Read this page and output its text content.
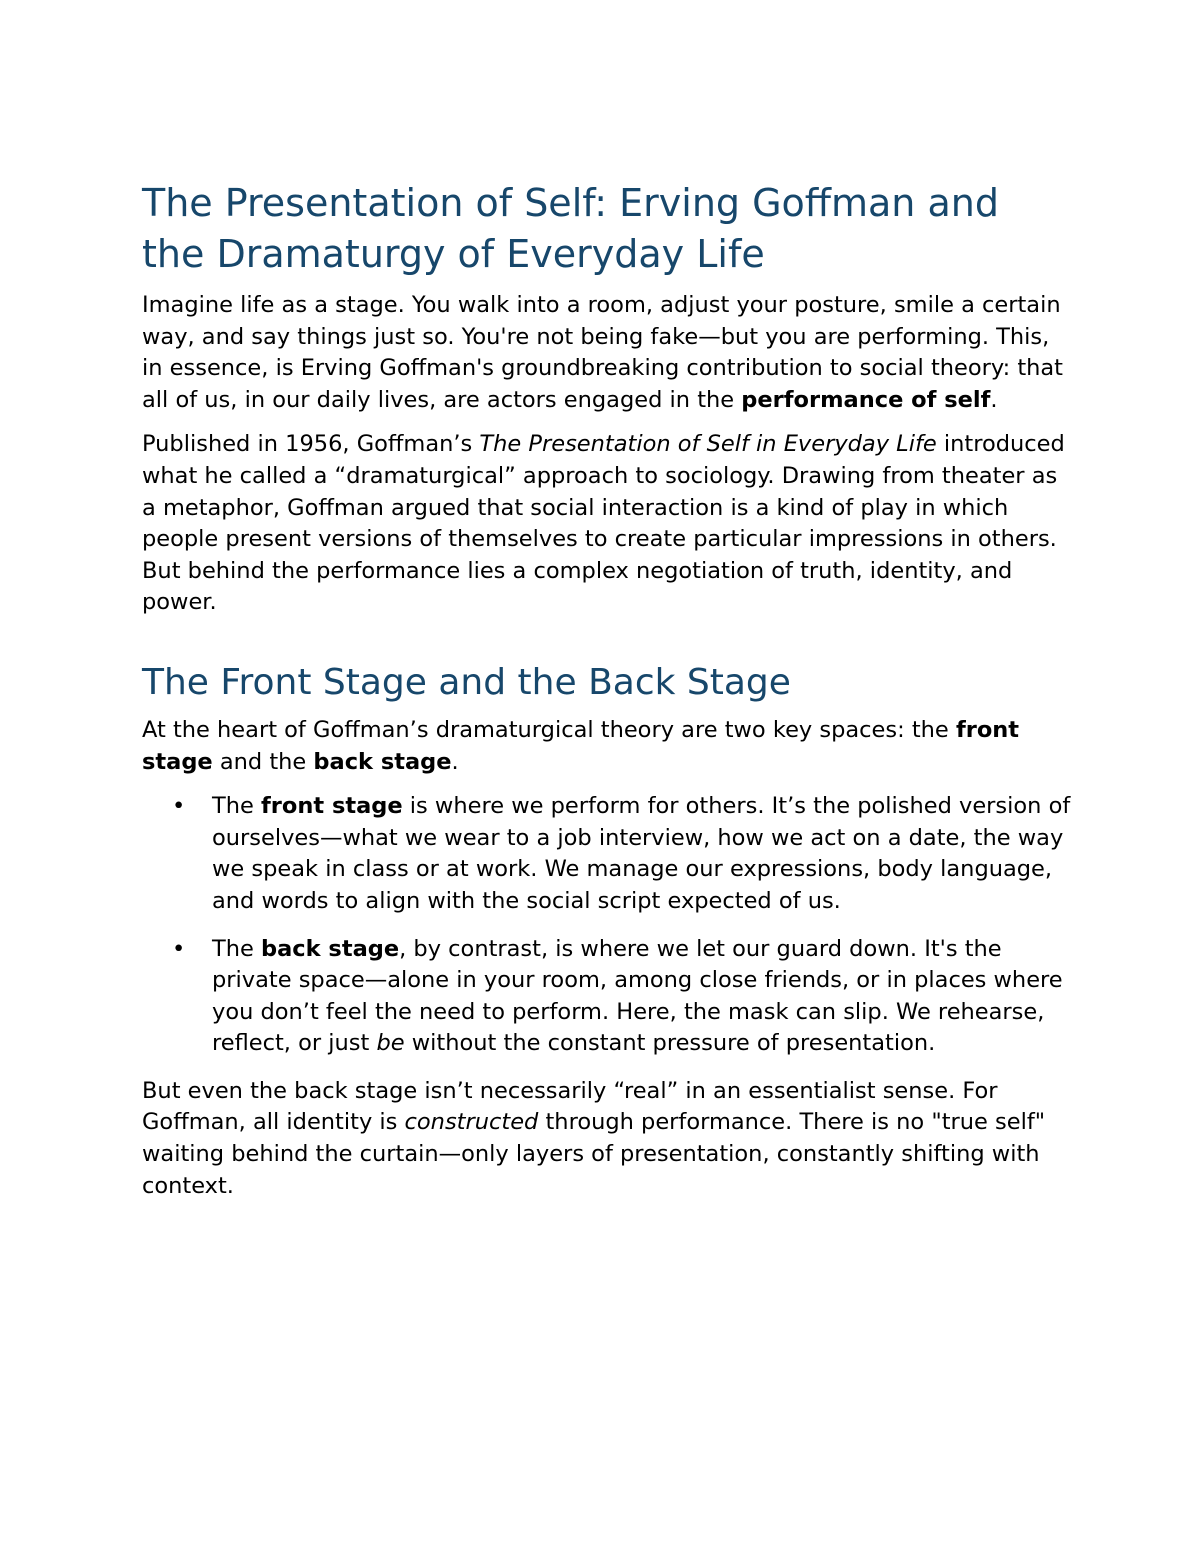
The Presentation of Self: Erving Goffman and the Dramaturgy of Everyday Life

Imagine life as a stage. You walk into a room, adjust your posture, smile a certain way, and say things just so. You're not being fake—but you are performing. This, in essence, is Erving Goffman's groundbreaking contribution to social theory: that all of us, in our daily lives, are actors engaged in the performance of self.

Published in 1956, Goffman’s The Presentation of Self in Everyday Life introduced what he called a “dramaturgical” approach to sociology. Drawing from theater as a metaphor, Goffman argued that social interaction is a kind of play in which people present versions of themselves to create particular impressions in others. But behind the performance lies a complex negotiation of truth, identity, and power.

The Front Stage and the Back Stage

At the heart of Goffman’s dramaturgical theory are two key spaces: the front stage and the back stage.

• The front stage is where we perform for others. It’s the polished version of ourselves—what we wear to a job interview, how we act on a date, the way we speak in class or at work. We manage our expressions, body language, and words to align with the social script expected of us.
• The back stage, by contrast, is where we let our guard down. It's the private space—alone in your room, among close friends, or in places where you don’t feel the need to perform. Here, the mask can slip. We rehearse, reflect, or just be without the constant pressure of presentation.

But even the back stage isn’t necessarily “real” in an essentialist sense. For Goffman, all identity is constructed through performance. There is no "true self" waiting behind the curtain—only layers of presentation, constantly shifting with context.
